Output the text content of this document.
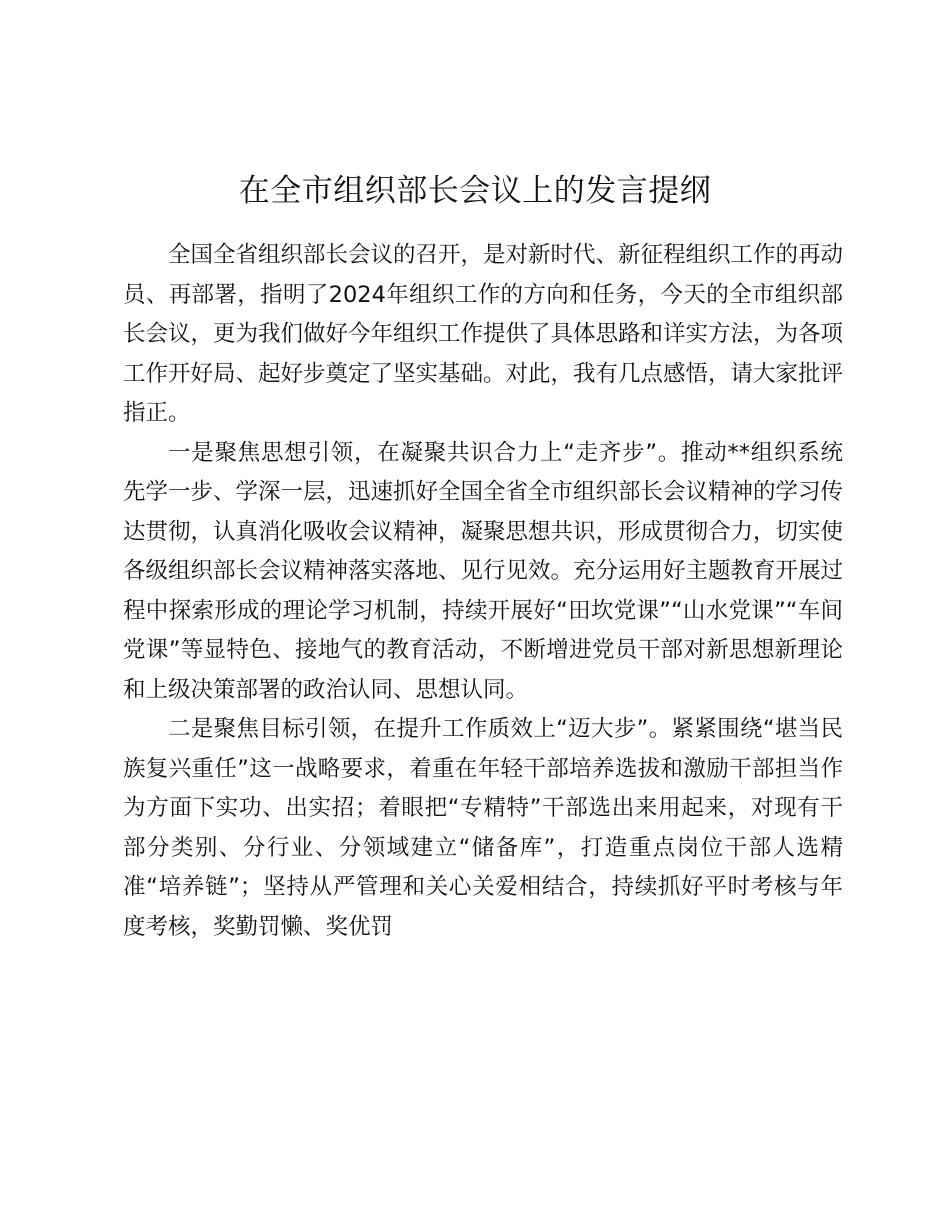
在全市组织部长会议上的发言提纲

全国全省组织部长会议的召开，是对新时代、新征程组织工作的再动员、再部署，指明了2024年组织工作的方向和任务，今天的全市组织部长会议，更为我们做好今年组织工作提供了具体思路和详实方法，为各项工作开好局、起好步奠定了坚实基础。对此，我有几点感悟，请大家批评指正。

一是聚焦思想引领，在凝聚共识合力上“走齐步”。推动**组织系统先学一步、学深一层，迅速抓好全国全省全市组织部长会议精神的学习传达贯彻，认真消化吸收会议精神，凝聚思想共识，形成贯彻合力，切实使各级组织部长会议精神落实落地、见行见效。充分运用好主题教育开展过程中探索形成的理论学习机制，持续开展好“田坎党课”“山水党课”“车间党课”等显特色、接地气的教育活动，不断增进党员干部对新思想新理论和上级决策部署的政治认同、思想认同。

二是聚焦目标引领，在提升工作质效上“迈大步”。紧紧围绕“堪当民族复兴重任”这一战略要求，着重在年轻干部培养选拔和激励干部担当作为方面下实功、出实招；着眼把“专精特”干部选出来用起来，对现有干部分类别、分行业、分领域建立“储备库”，打造重点岗位干部人选精准“培养链”；坚持从严管理和关心关爱相结合，持续抓好平时考核与年度考核，奖勤罚懒、奖优罚
